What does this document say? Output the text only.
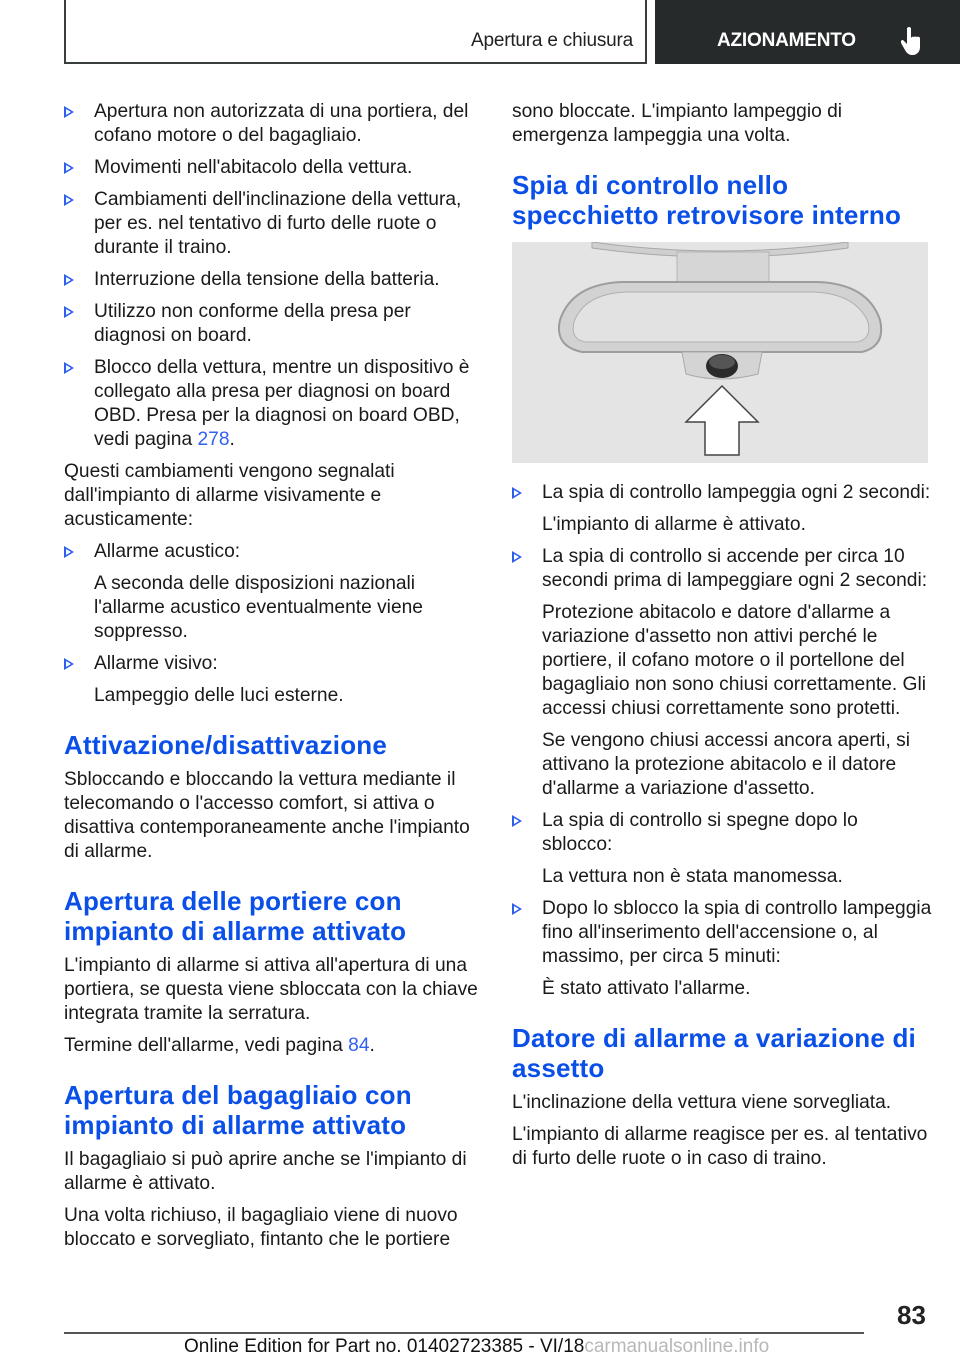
Apertura e chiusura	AZIONAMENTO
Apertura non autorizzata di una portiera, del cofano motore o del bagagliaio.
Movimenti nell'abitacolo della vettura.
Cambiamenti dell'inclinazione della vettura, per es. nel tentativo di furto delle ruote o durante il traino.
Interruzione della tensione della batteria.
Utilizzo non conforme della presa per diagnosi on board.
Blocco della vettura, mentre un dispositivo è collegato alla presa per diagnosi on board OBD. Presa per la diagnosi on board OBD, vedi pagina 278.

Questi cambiamenti vengono segnalati dall'impianto di allarme visivamente e acusticamente:

Allarme acustico:
A seconda delle disposizioni nazionali l'allarme acustico eventualmente viene soppresso.
Allarme visivo:
Lampeggio delle luci esterne.
Attivazione/disattivazione

Sbloccando e bloccando la vettura mediante il telecomando o l'accesso comfort, si attiva o disattiva contemporaneamente anche l'impianto di allarme.

Apertura delle portiere con impianto di allarme attivato

L'impianto di allarme si attiva all'apertura di una portiera, se questa viene sbloccata con la chiave integrata tramite la serratura.

Termine dell'allarme, vedi pagina 84.

Apertura del bagagliaio con impianto di allarme attivato

Il bagagliaio si può aprire anche se l'impianto di allarme è attivato.

Una volta richiuso, il bagagliaio viene di nuovo bloccato e sorvegliato, fintanto che le portiere

sono bloccate. L'impianto lampeggio di emergenza lampeggia una volta.

Spia di controllo nello specchietto retrovisore interno
La spia di controllo lampeggia ogni 2 secondi:
L'impianto di allarme è attivato.
La spia di controllo si accende per circa 10 secondi prima di lampeggiare ogni 2 secondi:
Protezione abitacolo e datore d'allarme a variazione d'assetto non attivi perché le portiere, il cofano motore o il portellone del bagagliaio non sono chiusi correttamente. Gli accessi chiusi correttamente sono protetti.
Se vengono chiusi accessi ancora aperti, si attivano la protezione abitacolo e il datore d'allarme a variazione d'assetto.
La spia di controllo si spegne dopo lo sblocco:
La vettura non è stata manomessa.
Dopo lo sblocco la spia di controllo lampeggia fino all'inserimento dell'accensione o, al massimo, per circa 5 minuti:
È stato attivato l'allarme.
Datore di allarme a variazione di assetto

L'inclinazione della vettura viene sorvegliata.

L'impianto di allarme reagisce per es. al tentativo di furto delle ruote o in caso di traino.

83
Online Edition for Part no. 01402723385 - VI/18carmanualsonline.info
